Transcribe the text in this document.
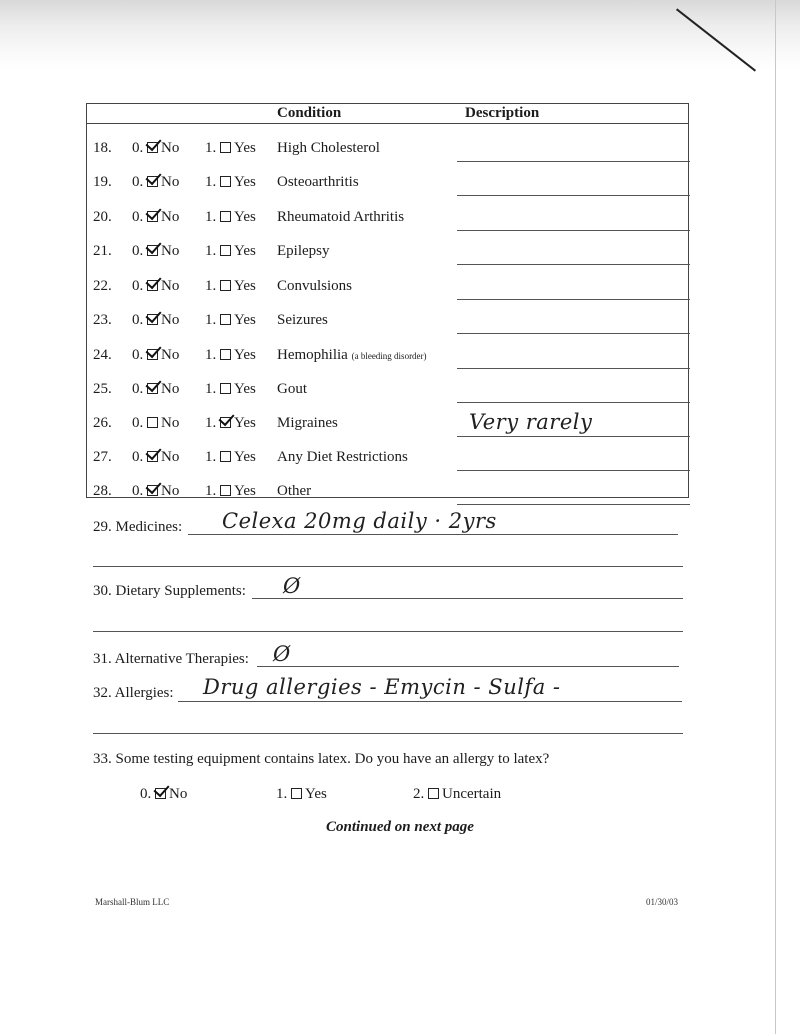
Condition	Description
18. 0. No 1. Yes High Cholesterol
19. 0. No 1. Yes Osteoarthritis
20. 0. No 1. Yes Rheumatoid Arthritis
21. 0. No 1. Yes Epilepsy
22. 0. No 1. Yes Convulsions
23. 0. No 1. Yes Seizures
24. 0. No 1. Yes Hemophilia (a bleeding disorder)
25. 0. No 1. Yes Gout
26. 0. No 1. Yes Migraines	Very rarely
27. 0. No 1. Yes Any Diet Restrictions
28. 0. No 1. Yes Other
29. Medicines: Celexa 20mg daily · 2yrs
30. Dietary Supplements: Ø
31. Alternative Therapies: Ø
32. Allergies: Drug allergies - Emycin - Sulfa -
33. Some testing equipment contains latex. Do you have an allergy to latex?
0. No	1. Yes	2. Uncertain
Continued on next page
Marshall-Blum LLC	01/30/03
